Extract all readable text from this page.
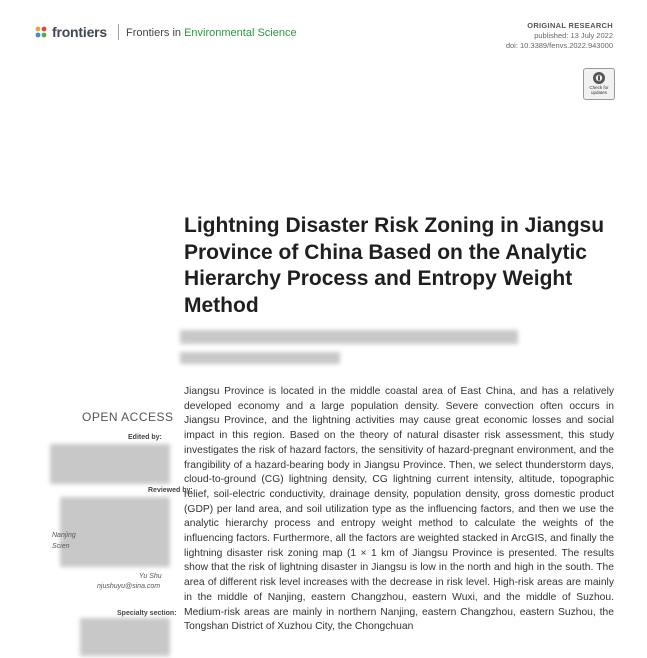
frontiers Frontiers in Environmental Science
ORIGINAL RESEARCH
published: 13 July 2022
doi: 10.3389/fenvs.2022.943000
Check for updates
Lightning Disaster Risk Zoning in Jiangsu Province of China Based on the Analytic Hierarchy Process and Entropy Weight Method
OPEN ACCESS
Edited by:
Reviewed by:
Nanjing
Scien
Yu Shu
njushuyu@sina.com
Specialty section:
Jiangsu Province is located in the middle coastal area of East China, and has a relatively developed economy and a large population density. Severe convection often occurs in Jiangsu Province, and the lightning activities may cause great economic losses and social impact in this region. Based on the theory of natural disaster risk assessment, this study investigates the risk of hazard factors, the sensitivity of hazard-pregnant environment, and the frangibility of a hazard-bearing body in Jiangsu Province. Then, we select thunderstorm days, cloud-to-ground (CG) lightning density, CG lightning current intensity, altitude, topographic relief, soil-electric conductivity, drainage density, population density, gross domestic product (GDP) per land area, and soil utilization type as the influencing factors, and then we use the analytic hierarchy process and entropy weight method to calculate the weights of the influencing factors. Furthermore, all the factors are weighted stacked in ArcGIS, and finally the lightning disaster risk zoning map (1 × 1 km of Jiangsu Province is presented. The results show that the risk of lightning disaster in Jiangsu is low in the north and high in the south. The area of different risk level increases with the decrease in risk level. High-risk areas are mainly in the middle of Nanjing, eastern Changzhou, eastern Wuxi, and the middle of Suzhou. Medium-risk areas are mainly in northern Nanjing, eastern Changzhou, eastern Suzhou, the Tongshan District of Xuzhou City, the Chongchuan
